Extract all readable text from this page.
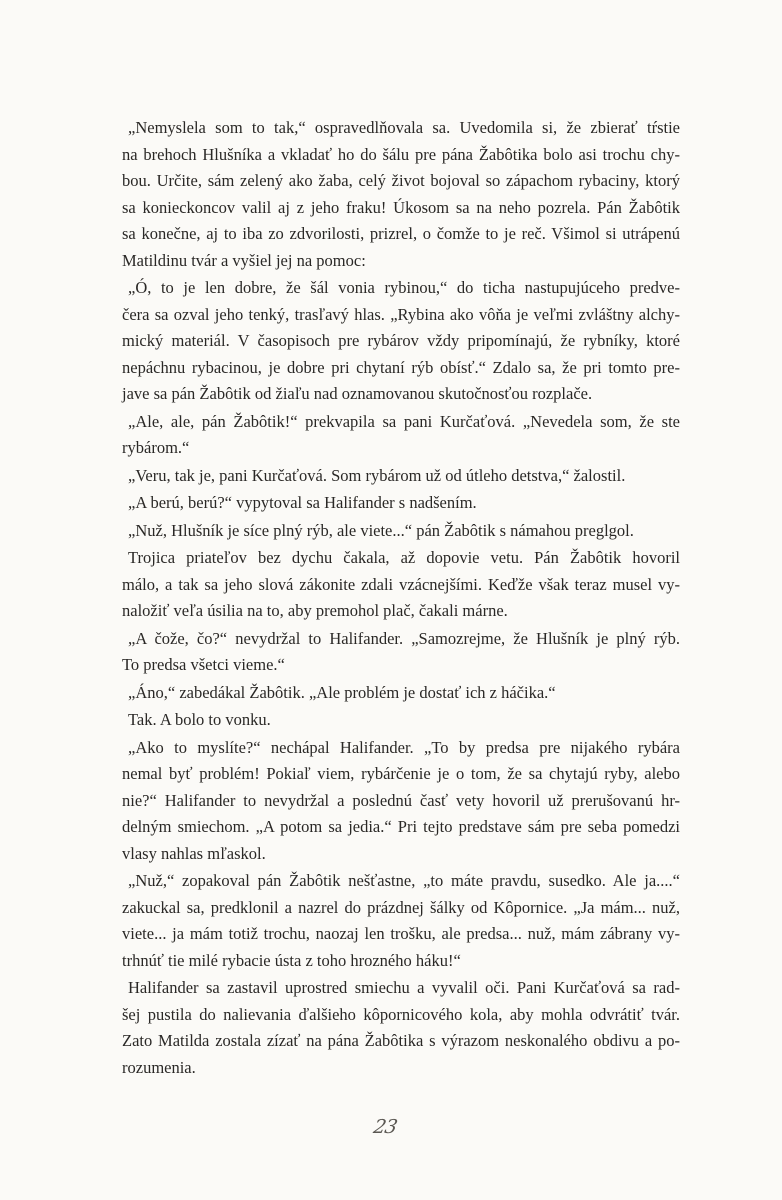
„Nemyslela som to tak,“ ospravedlňovala sa. Uvedomila si, že zbierať tŕstie
na brehoch Hlušníka a vkladať ho do šálu pre pána Žabôtika bolo asi trochu chy-
bou. Určite, sám zelený ako žaba, celý život bojoval so zápachom rybaciny, ktorý
sa konieckoncov valil aj z jeho fraku! Úkosom sa na neho pozrela. Pán Žabôtik
sa konečne, aj to iba zo zdvorilosti, prizrel, o čomže to je reč. Všimol si utrápenú
Matildinu tvár a vyšiel jej na pomoc:
„Ó, to je len dobre, že šál vonia rybinou,“ do ticha nastupujúceho predve-
čera sa ozval jeho tenký, trasľavý hlas. „Rybina ako vôňa je veľmi zvláštny alchy-
mický materiál. V časopisoch pre rybárov vždy pripomínajú, že rybníky, ktoré
nepáchnu rybacinou, je dobre pri chytaní rýb obísť.“ Zdalo sa, že pri tomto pre-
jave sa pán Žabôtik od žiaľu nad oznamovanou skutočnosťou rozplače.
„Ale, ale, pán Žabôtik!“ prekvapila sa pani Kurčaťová. „Nevedela som, že ste
rybárom.“
„Veru, tak je, pani Kurčaťová. Som rybárom už od útleho detstva,“ žalostil.
„A berú, berú?“ vypytoval sa Halifander s nadšením.
„Nuž, Hlušník je síce plný rýb, ale viete...“ pán Žabôtik s námahou preglgol.
Trojica priateľov bez dychu čakala, až dopovie vetu. Pán Žabôtik hovoril
málo, a tak sa jeho slová zákonite zdali vzácnejšími. Keďže však teraz musel vy-
naložiť veľa úsilia na to, aby premohol plač, čakali márne.
„A čože, čo?“ nevydržal to Halifander. „Samozrejme, že Hlušník je plný rýb.
To predsa všetci vieme.“
„Áno,“ zabedákal Žabôtik. „Ale problém je dostať ich z háčika.“
Tak. A bolo to vonku.
„Ako to myslíte?“ nechápal Halifander. „To by predsa pre nijakého rybára
nemal byť problém! Pokiaľ viem, rybárčenie je o tom, že sa chytajú ryby, alebo
nie?“ Halifander to nevydržal a poslednú časť vety hovoril už prerušovanú hr-
delným smiechom. „A potom sa jedia.“ Pri tejto predstave sám pre seba pomedzi
vlasy nahlas mľaskol.
„Nuž,“ zopakoval pán Žabôtik nešťastne, „to máte pravdu, susedko. Ale ja....“
zakuckal sa, predklonil a nazrel do prázdnej šálky od Kôpornice. „Ja mám... nuž,
viete... ja mám totiž trochu, naozaj len trošku, ale predsa... nuž, mám zábrany vy-
trhnúť tie milé rybacie ústa z toho hrozného háku!“
Halifander sa zastavil uprostred smiechu a vyvalil oči. Pani Kurčaťová sa rad-
šej pustila do nalievania ďalšieho kôpornicového kola, aby mohla odvrátiť tvár.
Zato Matilda zostala zízať na pána Žabôtika s výrazom neskonalého obdivu a po-
rozumenia.
23
